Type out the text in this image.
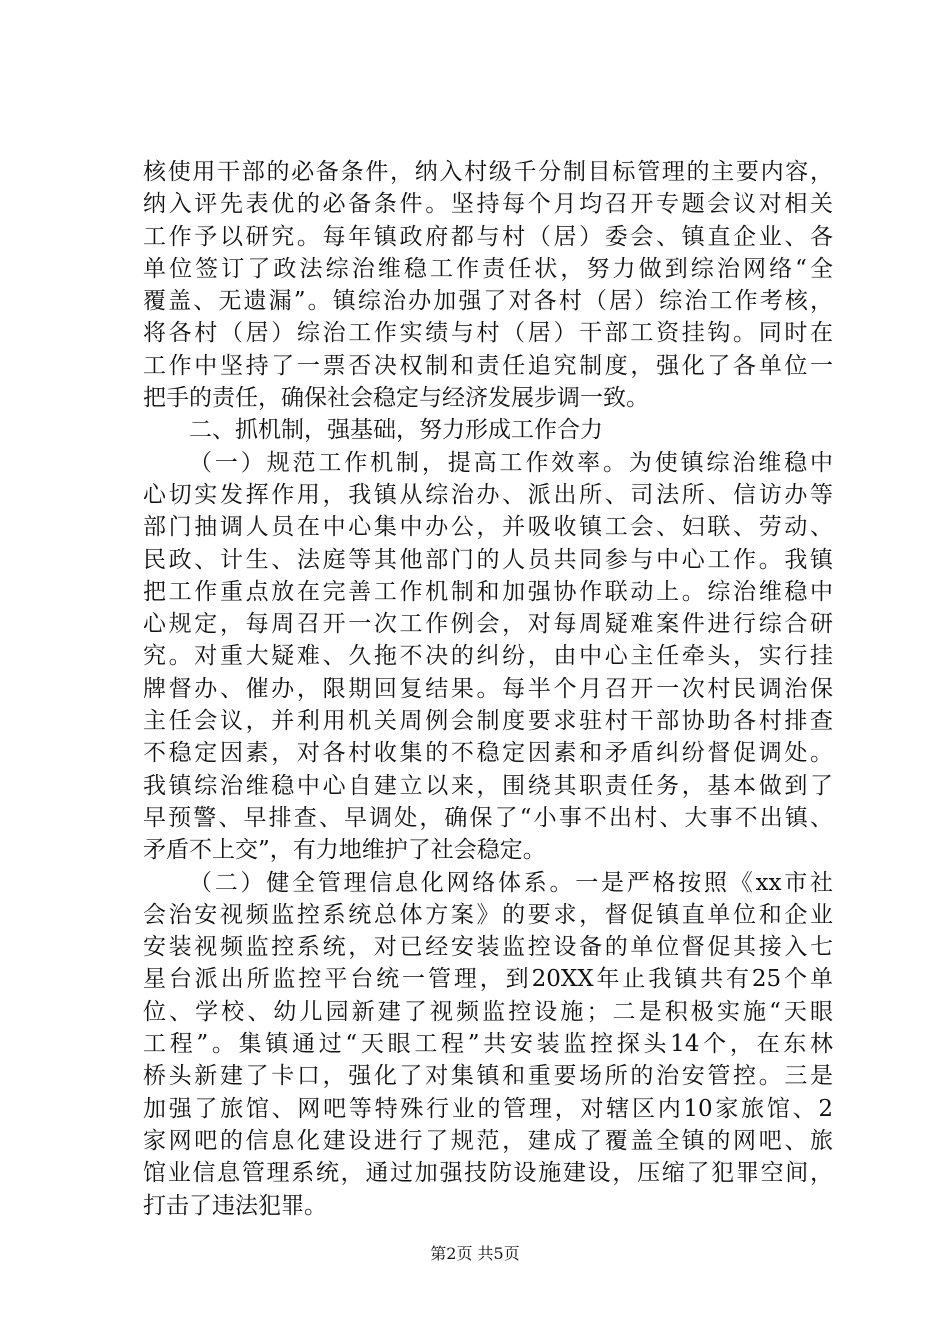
核使用干部的必备条件，纳入村级千分制目标管理的主要内容，
纳入评先表优的必备条件。坚持每个月均召开专题会议对相关
工作予以研究。每年镇政府都与村（居）委会、镇直企业、各
单位签订了政法综治维稳工作责任状，努力做到综治网络“全
覆盖、无遗漏”。镇综治办加强了对各村（居）综治工作考核，
将各村（居）综治工作实绩与村（居）干部工资挂钩。同时在
工作中坚持了一票否决权制和责任追究制度，强化了各单位一
把手的责任，确保社会稳定与经济发展步调一致。
二、抓机制，强基础，努力形成工作合力
（一）规范工作机制，提高工作效率。为使镇综治维稳中
心切实发挥作用，我镇从综治办、派出所、司法所、信访办等
部门抽调人员在中心集中办公，并吸收镇工会、妇联、劳动、
民政、计生、法庭等其他部门的人员共同参与中心工作。我镇
把工作重点放在完善工作机制和加强协作联动上。综治维稳中
心规定，每周召开一次工作例会，对每周疑难案件进行综合研
究。对重大疑难、久拖不决的纠纷，由中心主任牵头，实行挂
牌督办、催办，限期回复结果。每半个月召开一次村民调治保
主任会议，并利用机关周例会制度要求驻村干部协助各村排查
不稳定因素，对各村收集的不稳定因素和矛盾纠纷督促调处。
我镇综治维稳中心自建立以来，围绕其职责任务，基本做到了
早预警、早排查、早调处，确保了“小事不出村、大事不出镇、
矛盾不上交”，有力地维护了社会稳定。
（二）健全管理信息化网络体系。一是严格按照《xx市社
会治安视频监控系统总体方案》的要求，督促镇直单位和企业
安装视频监控系统，对已经安装监控设备的单位督促其接入七
星台派出所监控平台统一管理，到20XX年止我镇共有25个单
位、学校、幼儿园新建了视频监控设施；二是积极实施“天眼
工程”。集镇通过“天眼工程”共安装监控探头14个，在东林
桥头新建了卡口，强化了对集镇和重要场所的治安管控。三是
加强了旅馆、网吧等特殊行业的管理，对辖区内10家旅馆、2
家网吧的信息化建设进行了规范，建成了覆盖全镇的网吧、旅
馆业信息管理系统，通过加强技防设施建设，压缩了犯罪空间，
打击了违法犯罪。
第2页 共5页
